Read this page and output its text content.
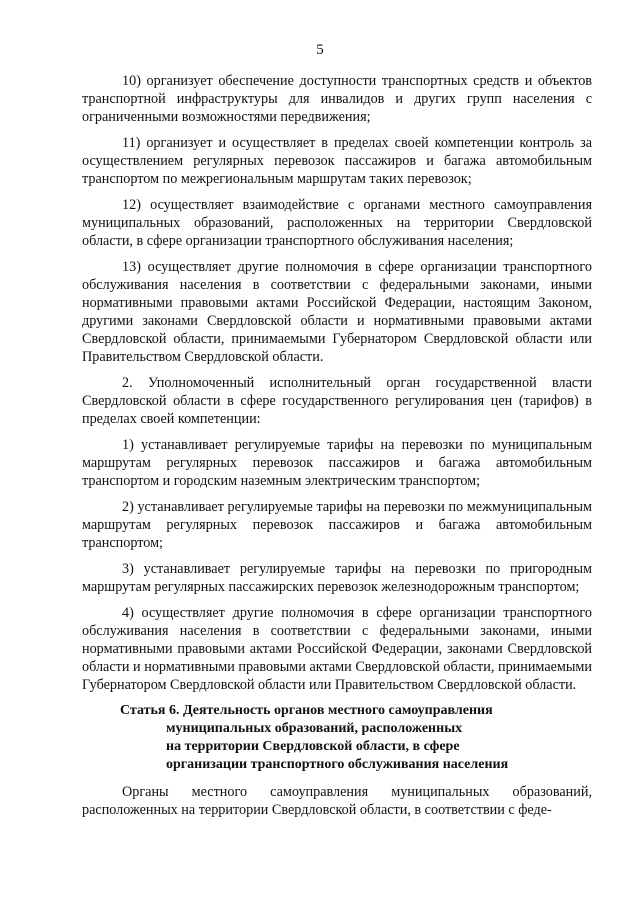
5

10) организует обеспечение доступности транспортных средств и объектов транспортной инфраструктуры для инвалидов и других групп населения с ограниченными возможностями передвижения;

11) организует и осуществляет в пределах своей компетенции контроль за осуществлением регулярных перевозок пассажиров и багажа автомобильным транспортом по межрегиональным маршрутам таких перевозок;

12) осуществляет взаимодействие с органами местного самоуправления муниципальных образований, расположенных на территории Свердловской области, в сфере организации транспортного обслуживания населения;

13) осуществляет другие полномочия в сфере организации транспортного обслуживания населения в соответствии с федеральными законами, иными нормативными правовыми актами Российской Федерации, настоящим Законом, другими законами Свердловской области и нормативными правовыми актами Свердловской области, принимаемыми Губернатором Свердловской области или Правительством Свердловской области.

2. Уполномоченный исполнительный орган государственной власти Свердловской области в сфере государственного регулирования цен (тарифов) в пределах своей компетенции:

1) устанавливает регулируемые тарифы на перевозки по муниципальным маршрутам регулярных перевозок пассажиров и багажа автомобильным транспортом и городским наземным электрическим транспортом;

2) устанавливает регулируемые тарифы на перевозки по межмуниципальным маршрутам регулярных перевозок пассажиров и багажа автомобильным транспортом;

3) устанавливает регулируемые тарифы на перевозки по пригородным маршрутам регулярных пассажирских перевозок железнодорожным транспортом;

4) осуществляет другие полномочия в сфере организации транспортного обслуживания населения в соответствии с федеральными законами, иными нормативными правовыми актами Российской Федерации, законами Свердловской области и нормативными правовыми актами Свердловской области, принимаемыми Губернатором Свердловской области или Правительством Свердловской области.

Статья 6. Деятельность органов местного самоуправления
муниципальных образований, расположенных
на территории Свердловской области, в сфере
организации транспортного обслуживания населения

Органы местного самоуправления муниципальных образований, расположенных на территории Свердловской области, в соответствии с феде-
